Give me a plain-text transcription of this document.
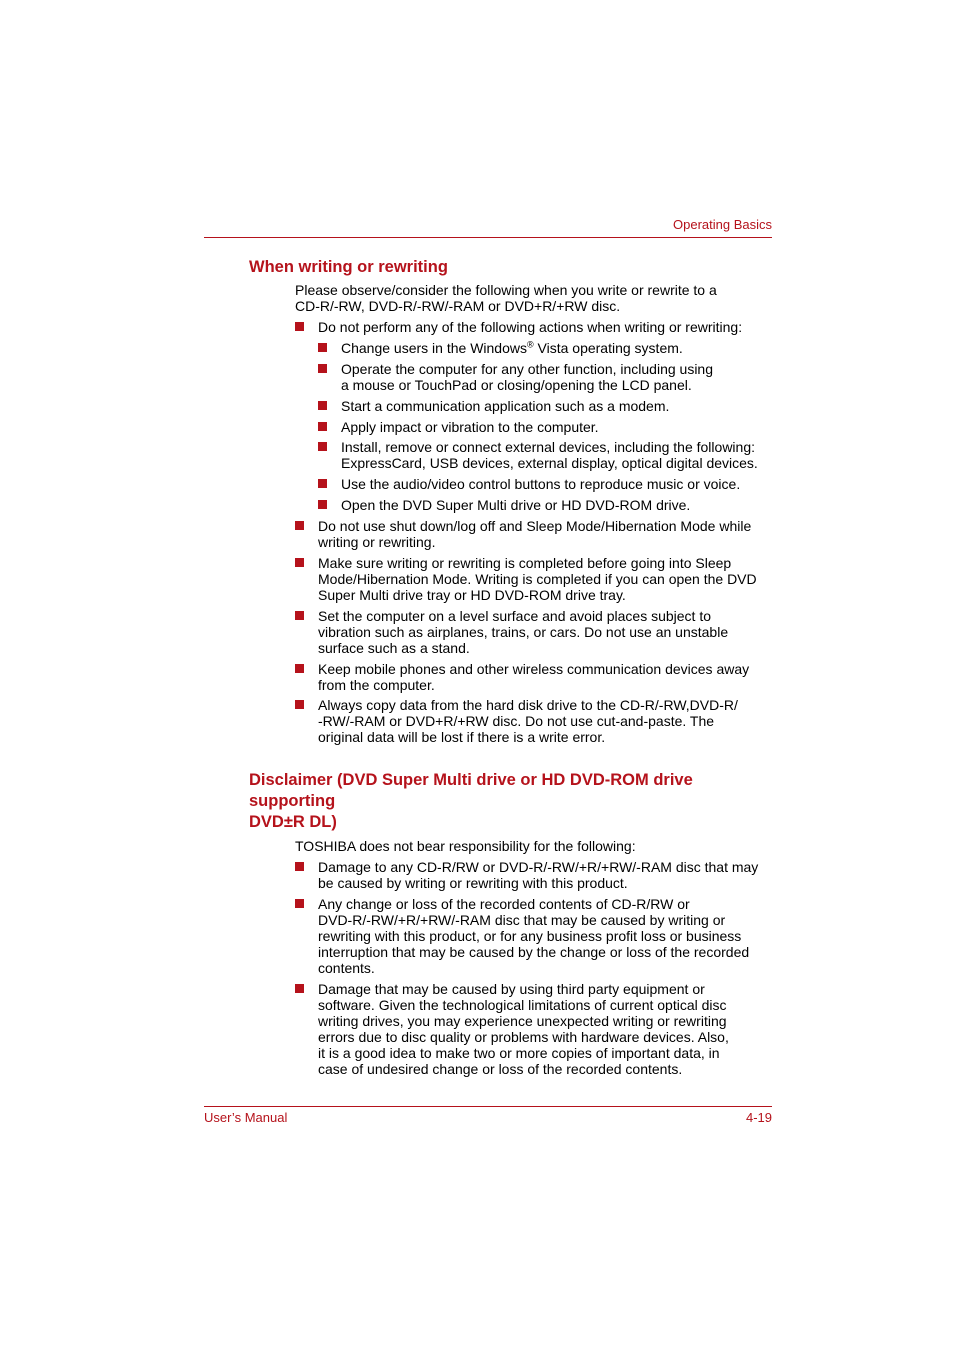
Operating Basics
When writing or rewriting
Please observe/consider the following when you write or rewrite to a
CD-R/-RW, DVD-R/-RW/-RAM or DVD+R/+RW disc.
Do not perform any of the following actions when writing or rewriting:
Change users in the Windows® Vista operating system.
Operate the computer for any other function, including using
a mouse or TouchPad or closing/opening the LCD panel.
Start a communication application such as a modem.
Apply impact or vibration to the computer.
Install, remove or connect external devices, including the following:
ExpressCard, USB devices, external display, optical digital devices.
Use the audio/video control buttons to reproduce music or voice.
Open the DVD Super Multi drive or HD DVD-ROM drive.
Do not use shut down/log off and Sleep Mode/Hibernation Mode while
writing or rewriting.
Make sure writing or rewriting is completed before going into Sleep
Mode/Hibernation Mode. Writing is completed if you can open the DVD
Super Multi drive tray or HD DVD-ROM drive tray.
Set the computer on a level surface and avoid places subject to
vibration such as airplanes, trains, or cars. Do not use an unstable
surface such as a stand.
Keep mobile phones and other wireless communication devices away
from the computer.
Always copy data from the hard disk drive to the CD-R/-RW,DVD-R/
-RW/-RAM or DVD+R/+RW disc. Do not use cut-and-paste. The
original data will be lost if there is a write error.
Disclaimer (DVD Super Multi drive or HD DVD-ROM drive supporting
DVD±R DL)
TOSHIBA does not bear responsibility for the following:
Damage to any CD-R/RW or DVD-R/-RW/+R/+RW/-RAM disc that may
be caused by writing or rewriting with this product.
Any change or loss of the recorded contents of CD-R/RW or
DVD-R/-RW/+R/+RW/-RAM disc that may be caused by writing or
rewriting with this product, or for any business profit loss or business
interruption that may be caused by the change or loss of the recorded
contents.
Damage that may be caused by using third party equipment or
software. Given the technological limitations of current optical disc
writing drives, you may experience unexpected writing or rewriting
errors due to disc quality or problems with hardware devices. Also,
it is a good idea to make two or more copies of important data, in
case of undesired change or loss of the recorded contents.
User’s Manual	4-19
